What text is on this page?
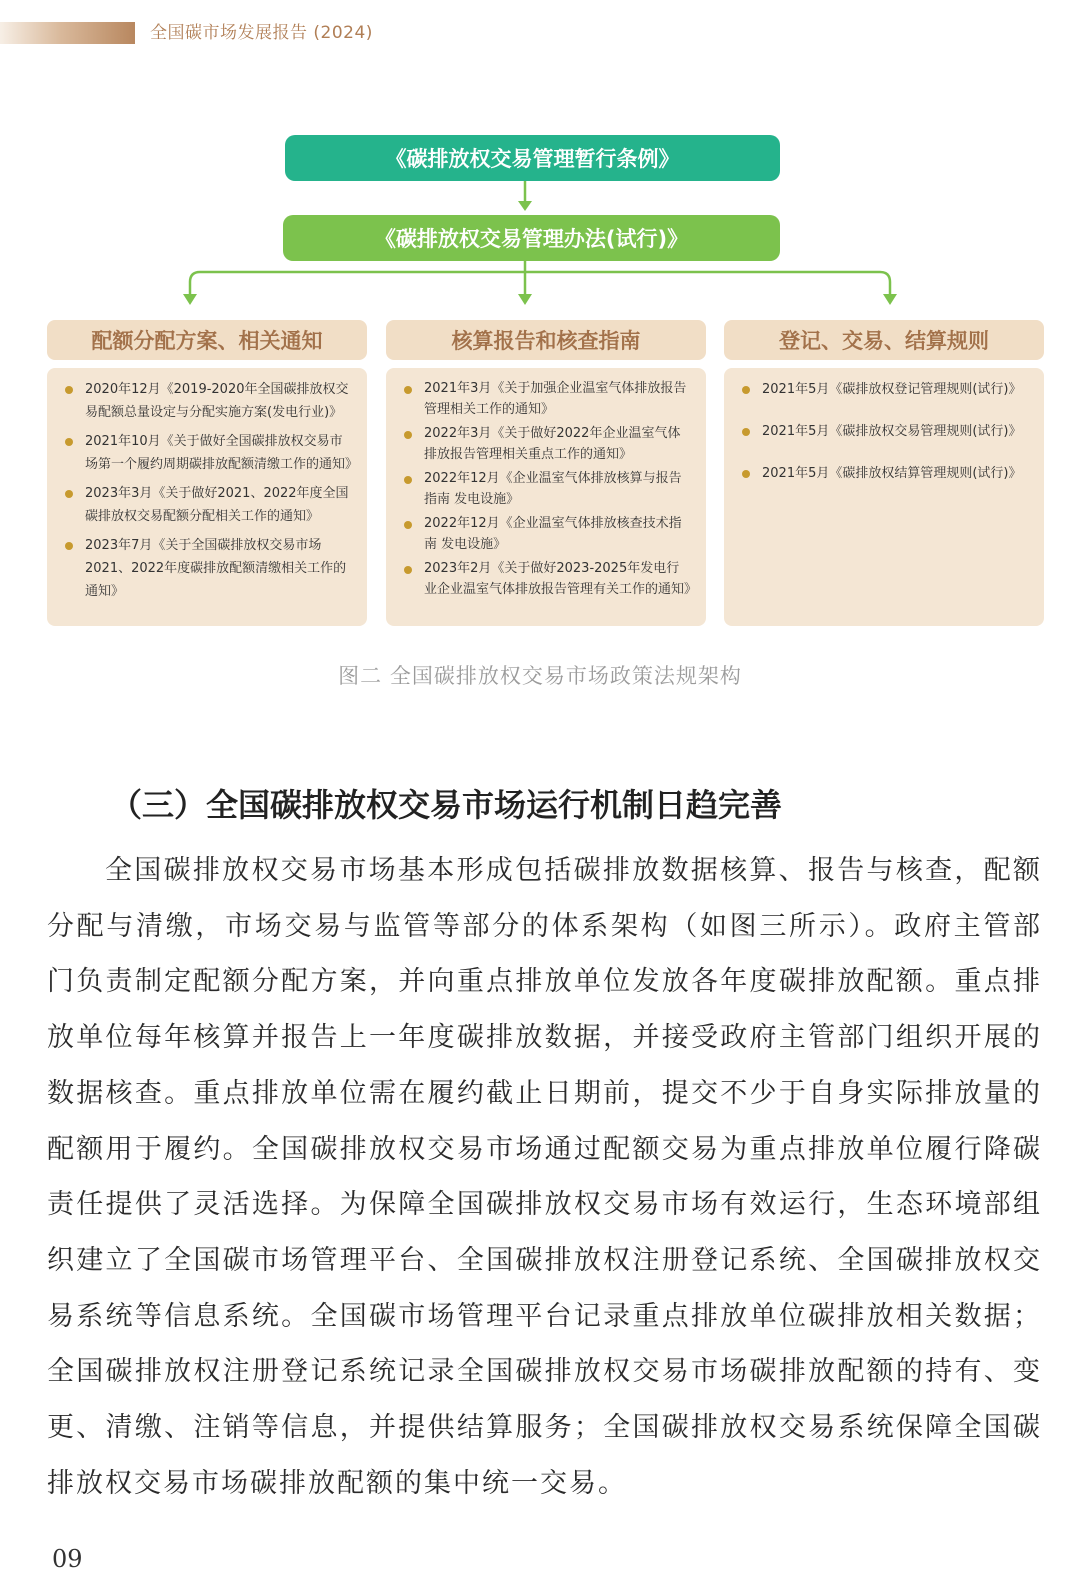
全国碳市场发展报告 (2024)
《碳排放权交易管理暂行条例》
《碳排放权交易管理办法(试行)》
配额分配方案、相关通知
2020年12月《2019-2020年全国碳排放权交易配额总量设定与分配实施方案(发电行业)》
2021年10月《关于做好全国碳排放权交易市场第一个履约周期碳排放配额清缴工作的通知》
2023年3月《关于做好2021、2022年度全国碳排放权交易配额分配相关工作的通知》
2023年7月《关于全国碳排放权交易市场2021、2022年度碳排放配额清缴相关工作的通知》
核算报告和核查指南
2021年3月《关于加强企业温室气体排放报告管理相关工作的通知》
2022年3月《关于做好2022年企业温室气体排放报告管理相关重点工作的通知》
2022年12月《企业温室气体排放核算与报告指南 发电设施》
2022年12月《企业温室气体排放核查技术指南 发电设施》
2023年2月《关于做好2023-2025年发电行业企业温室气体排放报告管理有关工作的通知》
登记、交易、结算规则
2021年5月《碳排放权登记管理规则(试行)》
2021年5月《碳排放权交易管理规则(试行)》
2021年5月《碳排放权结算管理规则(试行)》
图二 全国碳排放权交易市场政策法规架构
（三）全国碳排放权交易市场运行机制日趋完善

全国碳排放权交易市场基本形成包括碳排放数据核算、报告与核查，配额分配与清缴，市场交易与监管等部分的体系架构（如图三所示）。政府主管部门负责制定配额分配方案，并向重点排放单位发放各年度碳排放配额。重点排放单位每年核算并报告上一年度碳排放数据，并接受政府主管部门组织开展的数据核查。重点排放单位需在履约截止日期前，提交不少于自身实际排放量的配额用于履约。全国碳排放权交易市场通过配额交易为重点排放单位履行降碳责任提供了灵活选择。为保障全国碳排放权交易市场有效运行，生态环境部组织建立了全国碳市场管理平台、全国碳排放权注册登记系统、全国碳排放权交易系统等信息系统。全国碳市场管理平台记录重点排放单位碳排放相关数据；全国碳排放权注册登记系统记录全国碳排放权交易市场碳排放配额的持有、变更、清缴、注销等信息，并提供结算服务；全国碳排放权交易系统保障全国碳排放权交易市场碳排放配额的集中统一交易。

09
